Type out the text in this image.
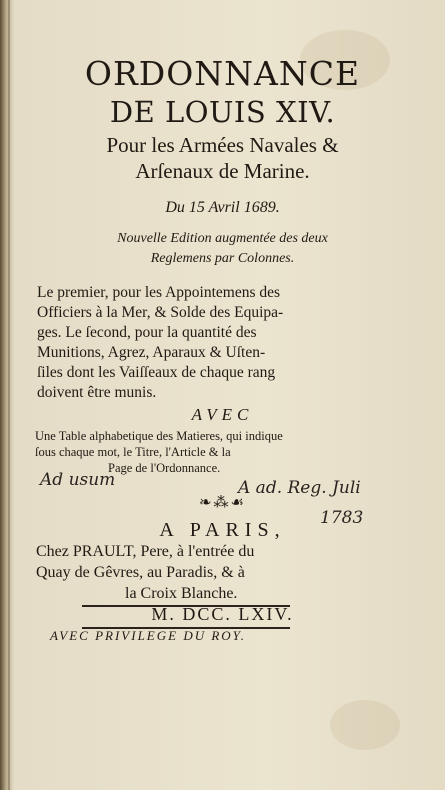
ORDONNANCE
DE LOUIS XIV.
Pour les Armées Navales &
Arſenaux de Marine.
Du 15 Avril 1689.
Nouvelle Edition augmentée des deux
Reglemens par Colonnes.
Le premier, pour les Appointemens des
Officiers à la Mer, & Solde des Equipa-
ges. Le ſecond, pour la quantité des
Munitions, Agrez, Aparaux & Uſten-
ſiles dont les Vaiſſeaux de chaque rang
doivent être munis.
AVEC
Une Table alphabetique des Matieres, qui indique
ſous chaque mot, le Titre, l'Article & la
Page de l'Ordonnance.
Ad usum	A ad. Reg. Juli
1783
❧⁂☙
A PARIS,
Chez PRAULT, Pere, à l'entrée du
Quay de Gêvres, au Paradis, & à
la Croix Blanche.
M. DCC. LXIV.
AVEC PRIVILEGE DU ROY.
